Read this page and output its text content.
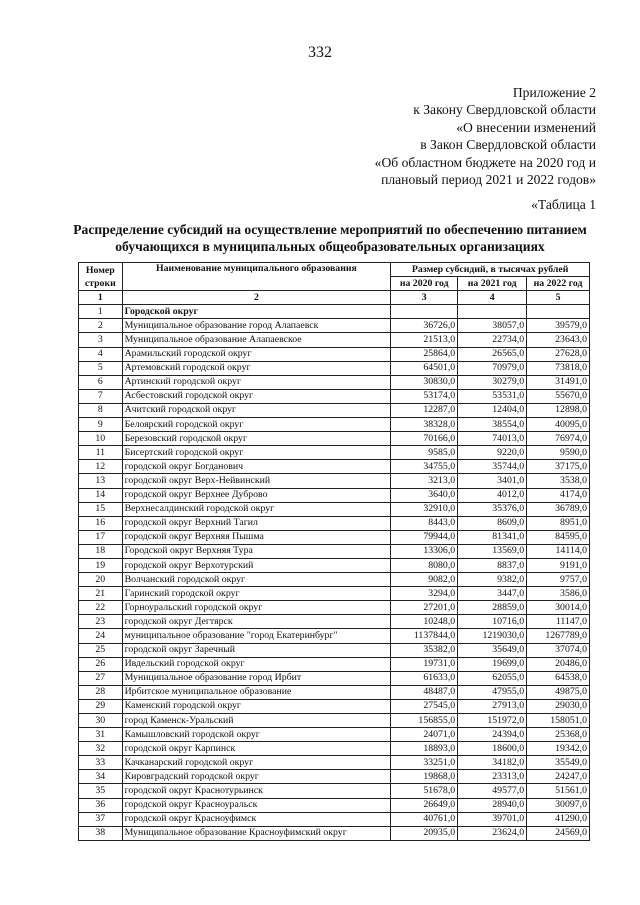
332
Приложение 2
к Закону Свердловской области
«О внесении изменений
в Закон Свердловской области
«Об областном бюджете на 2020 год и
плановый период 2021 и 2022 годов»
«Таблица 1
Распределение субсидий на осуществление мероприятий по обеспечению питанием
обучающихся в муниципальных общеобразовательных организациях
Номер строки	Наименование муниципального образования	Размер субсидий, в тысячах рублей		
		на 2020 год	на 2021 год	на 2022 год
1	2	3	4	5
1	Городской округ			
2	Муниципальное образование город Алапаевск	36726,0	38057,0	39579,0
3	Муниципальное образование Алапаевское	21513,0	22734,0	23643,0
4	Арамильский городской округ	25864,0	26565,0	27628,0
5	Артемовский городской округ	64501,0	70979,0	73818,0
6	Артинский городской округ	30830,0	30279,0	31491,0
7	Асбестовский городской округ	53174,0	53531,0	55670,0
8	Ачитский городской округ	12287,0	12404,0	12898,0
9	Белоярский городской округ	38328,0	38554,0	40095,0
10	Березовский городской округ	70166,0	74013,0	76974,0
11	Бисертский городской округ	9585,0	9220,0	9590,0
12	городской округ Богданович	34755,0	35744,0	37175,0
13	городской округ Верх-Нейвинский	3213,0	3401,0	3538,0
14	городской округ Верхнее Дуброво	3640,0	4012,0	4174,0
15	Верхнесалдинский городской округ	32910,0	35376,0	36789,0
16	городской округ Верхний Тагил	8443,0	8609,0	8951,0
17	городской округ Верхняя Пышма	79944,0	81341,0	84595,0
18	Городской округ Верхняя Тура	13306,0	13569,0	14114,0
19	городской округ Верхотурский	8080,0	8837,0	9191,0
20	Волчанский городской округ	9082,0	9382,0	9757,0
21	Гаринский городской округ	3294,0	3447,0	3586,0
22	Горноуральский городской округ	27201,0	28859,0	30014,0
23	городской округ Дегтярск	10248,0	10716,0	11147,0
24	муниципальное образование "город Екатеринбург"	1137844,0	1219030,0	1267789,0
25	городской округ Заречный	35382,0	35649,0	37074,0
26	Ивдельский городской округ	19731,0	19699,0	20486,0
27	Муниципальное образование город Ирбит	61633,0	62055,0	64538,0
28	Ирбитское муниципальное образование	48487,0	47955,0	49875,0
29	Каменский городской округ	27545,0	27913,0	29030,0
30	город Каменск-Уральский	156855,0	151972,0	158051,0
31	Камышловский городской округ	24071,0	24394,0	25368,0
32	городской округ Карпинск	18893,0	18600,0	19342,0
33	Качканарский городской округ	33251,0	34182,0	35549,0
34	Кировградский городской округ	19868,0	23313,0	24247,0
35	городской округ Краснотурьинск	51678,0	49577,0	51561,0
36	городской округ Красноуральск	26649,0	28940,0	30097,0
37	городской округ Красноуфимск	40761,0	39701,0	41290,0
38	Муниципальное образование Красноуфимский округ	20935,0	23624,0	24569,0
